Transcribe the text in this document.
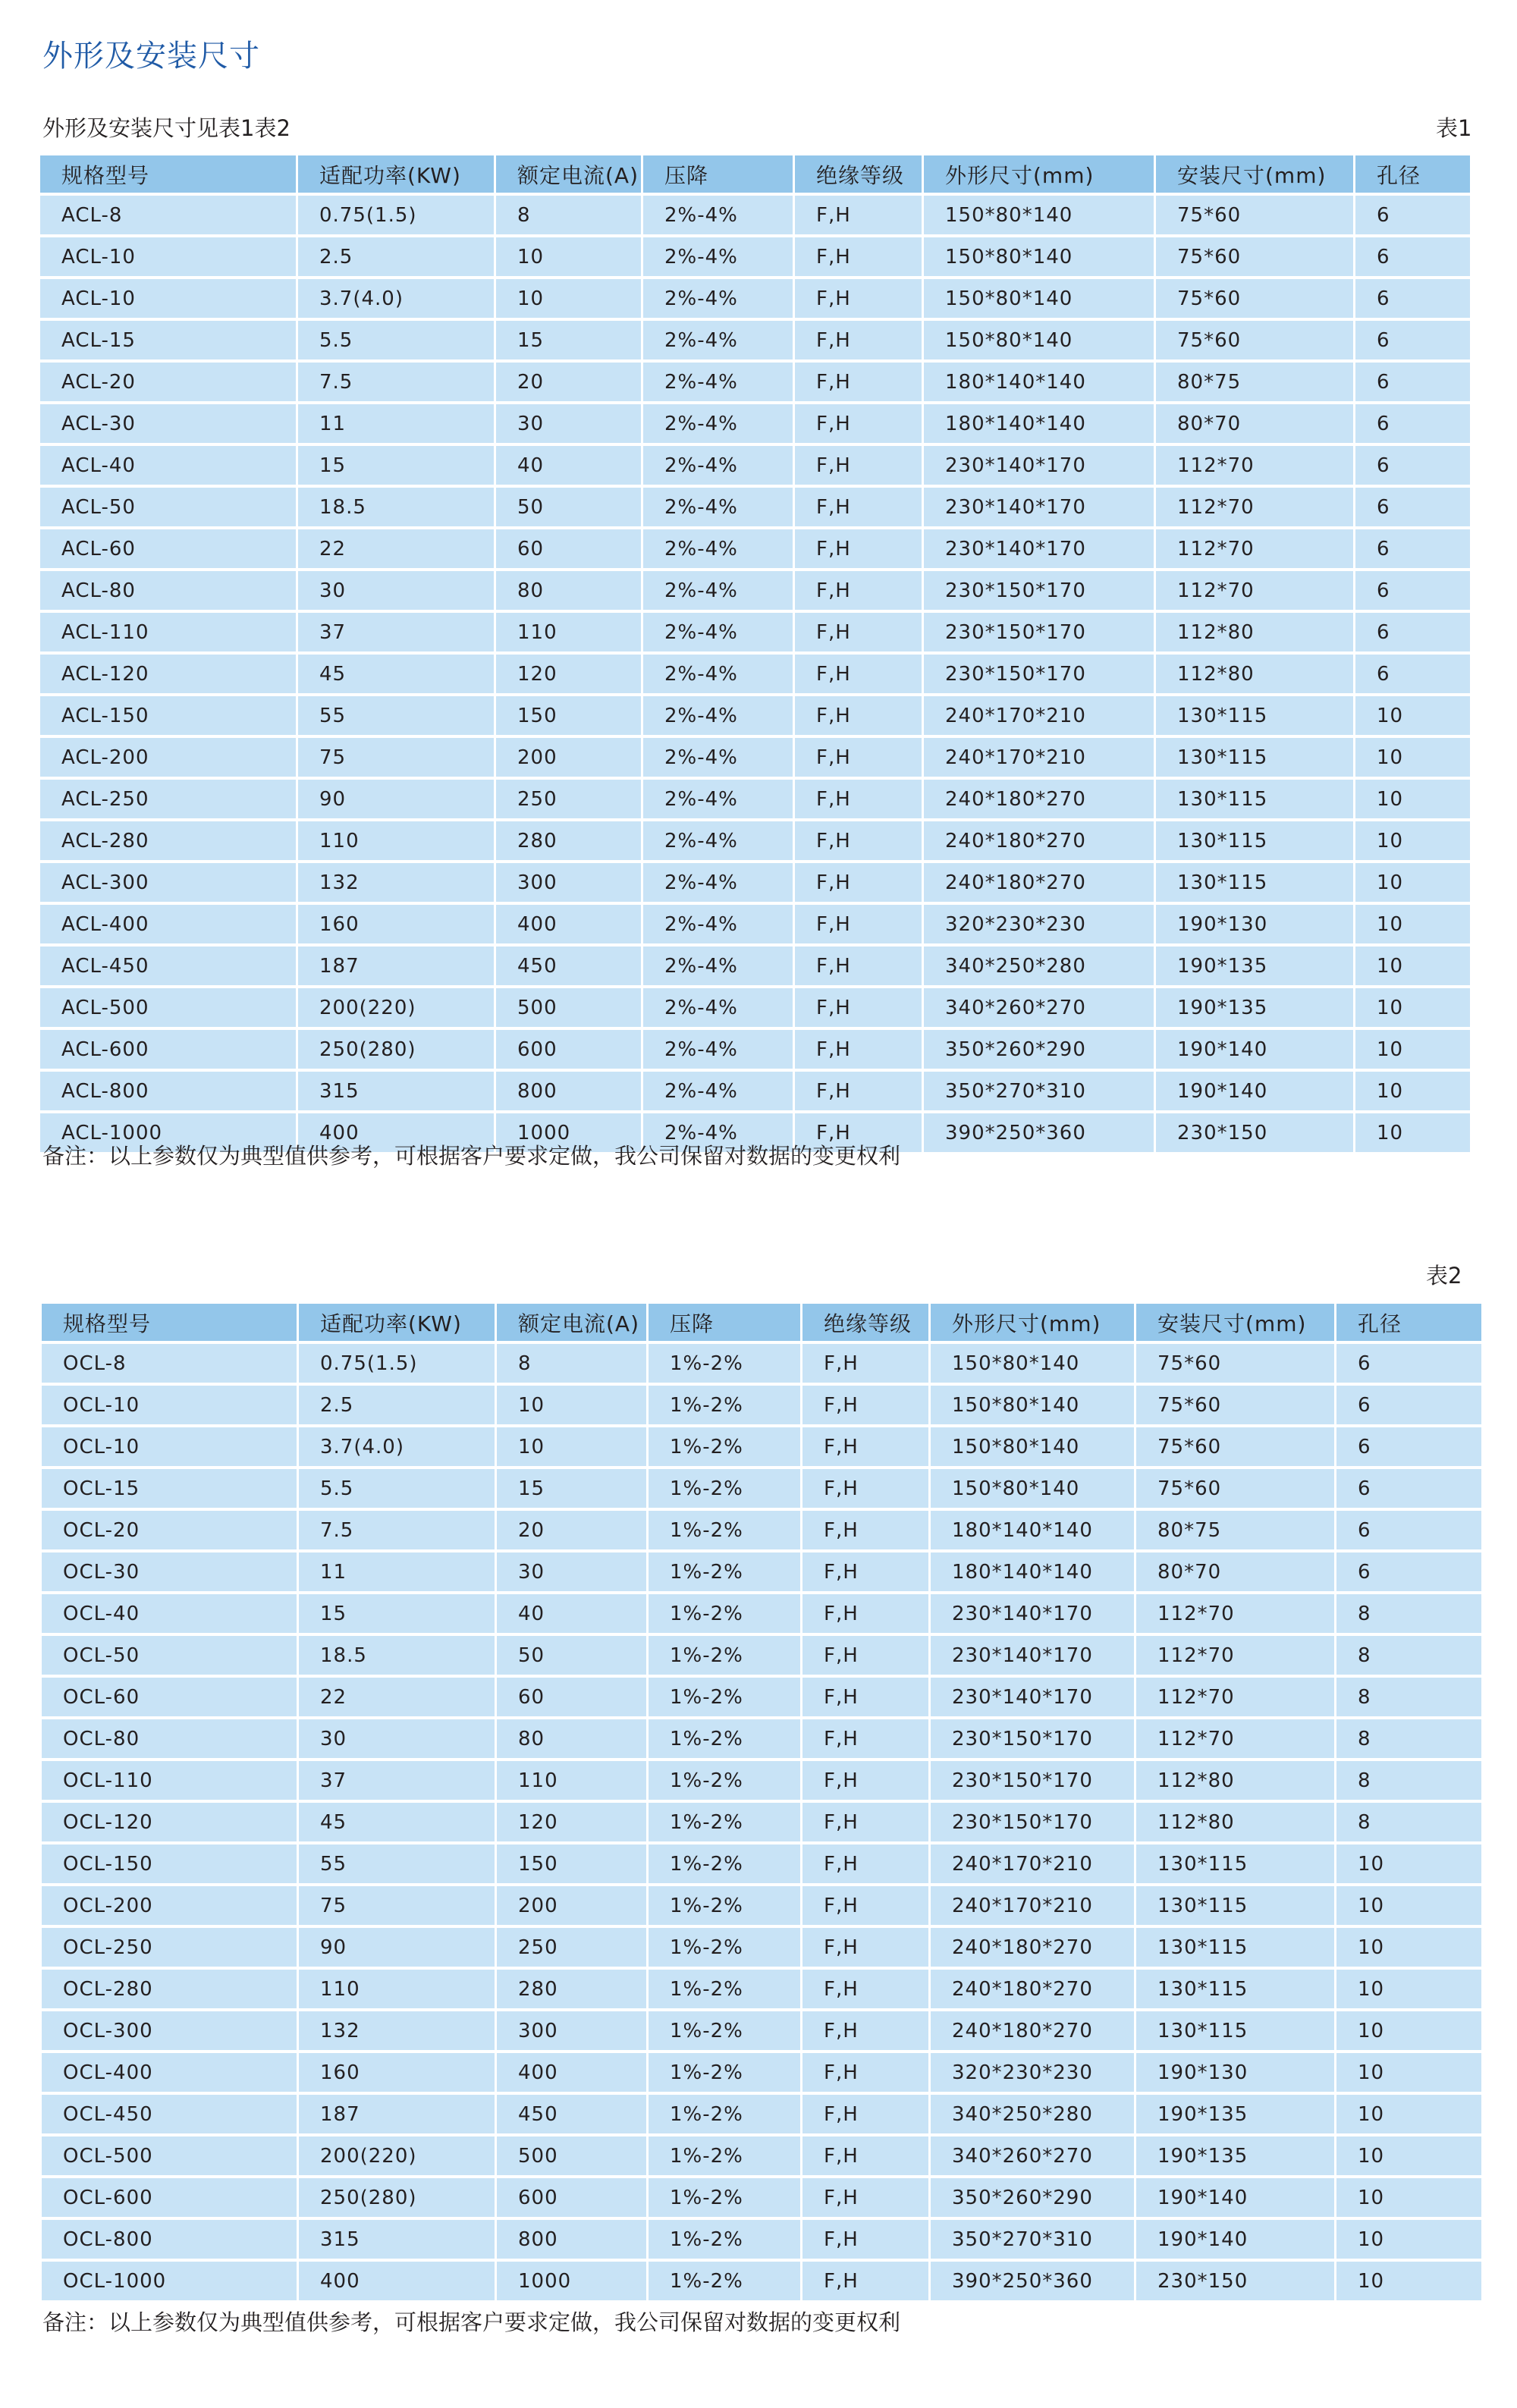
外形及安装尺寸
外形及安装尺寸见表1表2	表1
规格型号	适配功率(KW)	额定电流(A)	压降	绝缘等级	外形尺寸(mm)	安装尺寸(mm)	孔径
ACL-8	0.75(1.5)	8	2%-4%	F,H	150*80*140	75*60	6
ACL-10	2.5	10	2%-4%	F,H	150*80*140	75*60	6
ACL-10	3.7(4.0)	10	2%-4%	F,H	150*80*140	75*60	6
ACL-15	5.5	15	2%-4%	F,H	150*80*140	75*60	6
ACL-20	7.5	20	2%-4%	F,H	180*140*140	80*75	6
ACL-30	11	30	2%-4%	F,H	180*140*140	80*70	6
ACL-40	15	40	2%-4%	F,H	230*140*170	112*70	6
ACL-50	18.5	50	2%-4%	F,H	230*140*170	112*70	6
ACL-60	22	60	2%-4%	F,H	230*140*170	112*70	6
ACL-80	30	80	2%-4%	F,H	230*150*170	112*70	6
ACL-110	37	110	2%-4%	F,H	230*150*170	112*80	6
ACL-120	45	120	2%-4%	F,H	230*150*170	112*80	6
ACL-150	55	150	2%-4%	F,H	240*170*210	130*115	10
ACL-200	75	200	2%-4%	F,H	240*170*210	130*115	10
ACL-250	90	250	2%-4%	F,H	240*180*270	130*115	10
ACL-280	110	280	2%-4%	F,H	240*180*270	130*115	10
ACL-300	132	300	2%-4%	F,H	240*180*270	130*115	10
ACL-400	160	400	2%-4%	F,H	320*230*230	190*130	10
ACL-450	187	450	2%-4%	F,H	340*250*280	190*135	10
ACL-500	200(220)	500	2%-4%	F,H	340*260*270	190*135	10
ACL-600	250(280)	600	2%-4%	F,H	350*260*290	190*140	10
ACL-800	315	800	2%-4%	F,H	350*270*310	190*140	10
ACL-1000	400	1000	2%-4%	F,H	390*250*360	230*150	10
备注：以上参数仅为典型值供参考，可根据客户要求定做，我公司保留对数据的变更权利
表2
规格型号	适配功率(KW)	额定电流(A)	压降	绝缘等级	外形尺寸(mm)	安装尺寸(mm)	孔径
OCL-8	0.75(1.5)	8	1%-2%	F,H	150*80*140	75*60	6
OCL-10	2.5	10	1%-2%	F,H	150*80*140	75*60	6
OCL-10	3.7(4.0)	10	1%-2%	F,H	150*80*140	75*60	6
OCL-15	5.5	15	1%-2%	F,H	150*80*140	75*60	6
OCL-20	7.5	20	1%-2%	F,H	180*140*140	80*75	6
OCL-30	11	30	1%-2%	F,H	180*140*140	80*70	6
OCL-40	15	40	1%-2%	F,H	230*140*170	112*70	8
OCL-50	18.5	50	1%-2%	F,H	230*140*170	112*70	8
OCL-60	22	60	1%-2%	F,H	230*140*170	112*70	8
OCL-80	30	80	1%-2%	F,H	230*150*170	112*70	8
OCL-110	37	110	1%-2%	F,H	230*150*170	112*80	8
OCL-120	45	120	1%-2%	F,H	230*150*170	112*80	8
OCL-150	55	150	1%-2%	F,H	240*170*210	130*115	10
OCL-200	75	200	1%-2%	F,H	240*170*210	130*115	10
OCL-250	90	250	1%-2%	F,H	240*180*270	130*115	10
OCL-280	110	280	1%-2%	F,H	240*180*270	130*115	10
OCL-300	132	300	1%-2%	F,H	240*180*270	130*115	10
OCL-400	160	400	1%-2%	F,H	320*230*230	190*130	10
OCL-450	187	450	1%-2%	F,H	340*250*280	190*135	10
OCL-500	200(220)	500	1%-2%	F,H	340*260*270	190*135	10
OCL-600	250(280)	600	1%-2%	F,H	350*260*290	190*140	10
OCL-800	315	800	1%-2%	F,H	350*270*310	190*140	10
OCL-1000	400	1000	1%-2%	F,H	390*250*360	230*150	10
备注：以上参数仅为典型值供参考，可根据客户要求定做，我公司保留对数据的变更权利
